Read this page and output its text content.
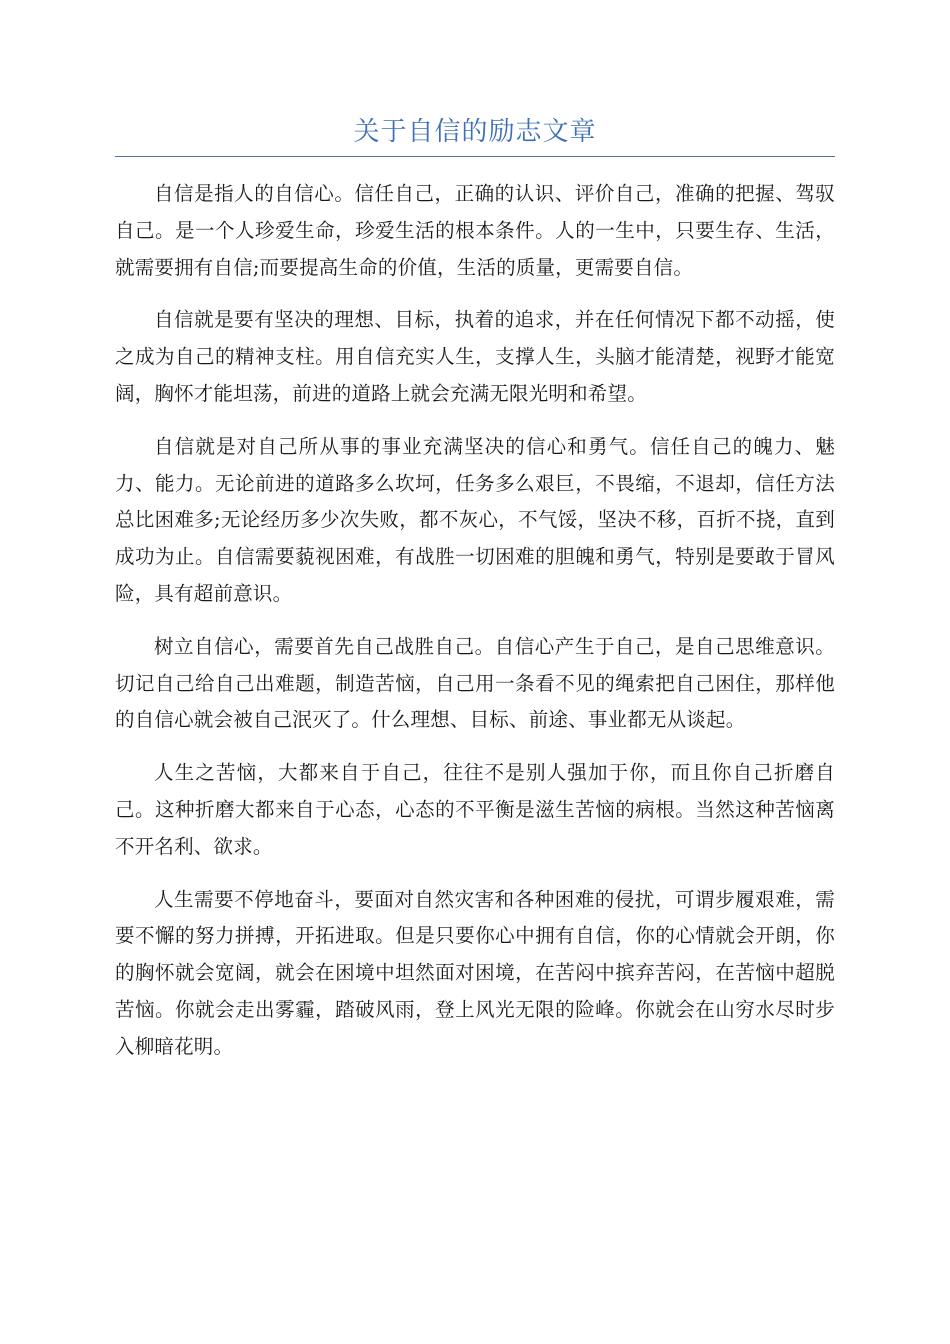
关于自信的励志文章

自信是指人的自信心。信任自己，正确的认识、评价自己，准确的把握、驾驭自己。是一个人珍爱生命，珍爱生活的根本条件。人的一生中，只要生存、生活，就需要拥有自信;而要提高生命的价值，生活的质量，更需要自信。

自信就是要有坚决的理想、目标，执着的追求，并在任何情况下都不动摇，使之成为自己的精神支柱。用自信充实人生，支撑人生，头脑才能清楚，视野才能宽阔，胸怀才能坦荡，前进的道路上就会充满无限光明和希望。

自信就是对自己所从事的事业充满坚决的信心和勇气。信任自己的魄力、魅力、能力。无论前进的道路多么坎坷，任务多么艰巨，不畏缩，不退却，信任方法总比困难多;无论经历多少次失败，都不灰心，不气馁，坚决不移，百折不挠，直到成功为止。自信需要藐视困难，有战胜一切困难的胆魄和勇气，特别是要敢于冒风险，具有超前意识。

树立自信心，需要首先自己战胜自己。自信心产生于自己，是自己思维意识。切记自己给自己出难题，制造苦恼，自己用一条看不见的绳索把自己困住，那样他的自信心就会被自己泯灭了。什么理想、目标、前途、事业都无从谈起。

人生之苦恼，大都来自于自己，往往不是别人强加于你，而且你自己折磨自己。这种折磨大都来自于心态，心态的不平衡是滋生苦恼的病根。当然这种苦恼离不开名利、欲求。

人生需要不停地奋斗，要面对自然灾害和各种困难的侵扰，可谓步履艰难，需要不懈的努力拼搏，开拓进取。但是只要你心中拥有自信，你的心情就会开朗，你的胸怀就会宽阔，就会在困境中坦然面对困境，在苦闷中摈弃苦闷，在苦恼中超脱苦恼。你就会走出雾霾，踏破风雨，登上风光无限的险峰。你就会在山穷水尽时步入柳暗花明。
